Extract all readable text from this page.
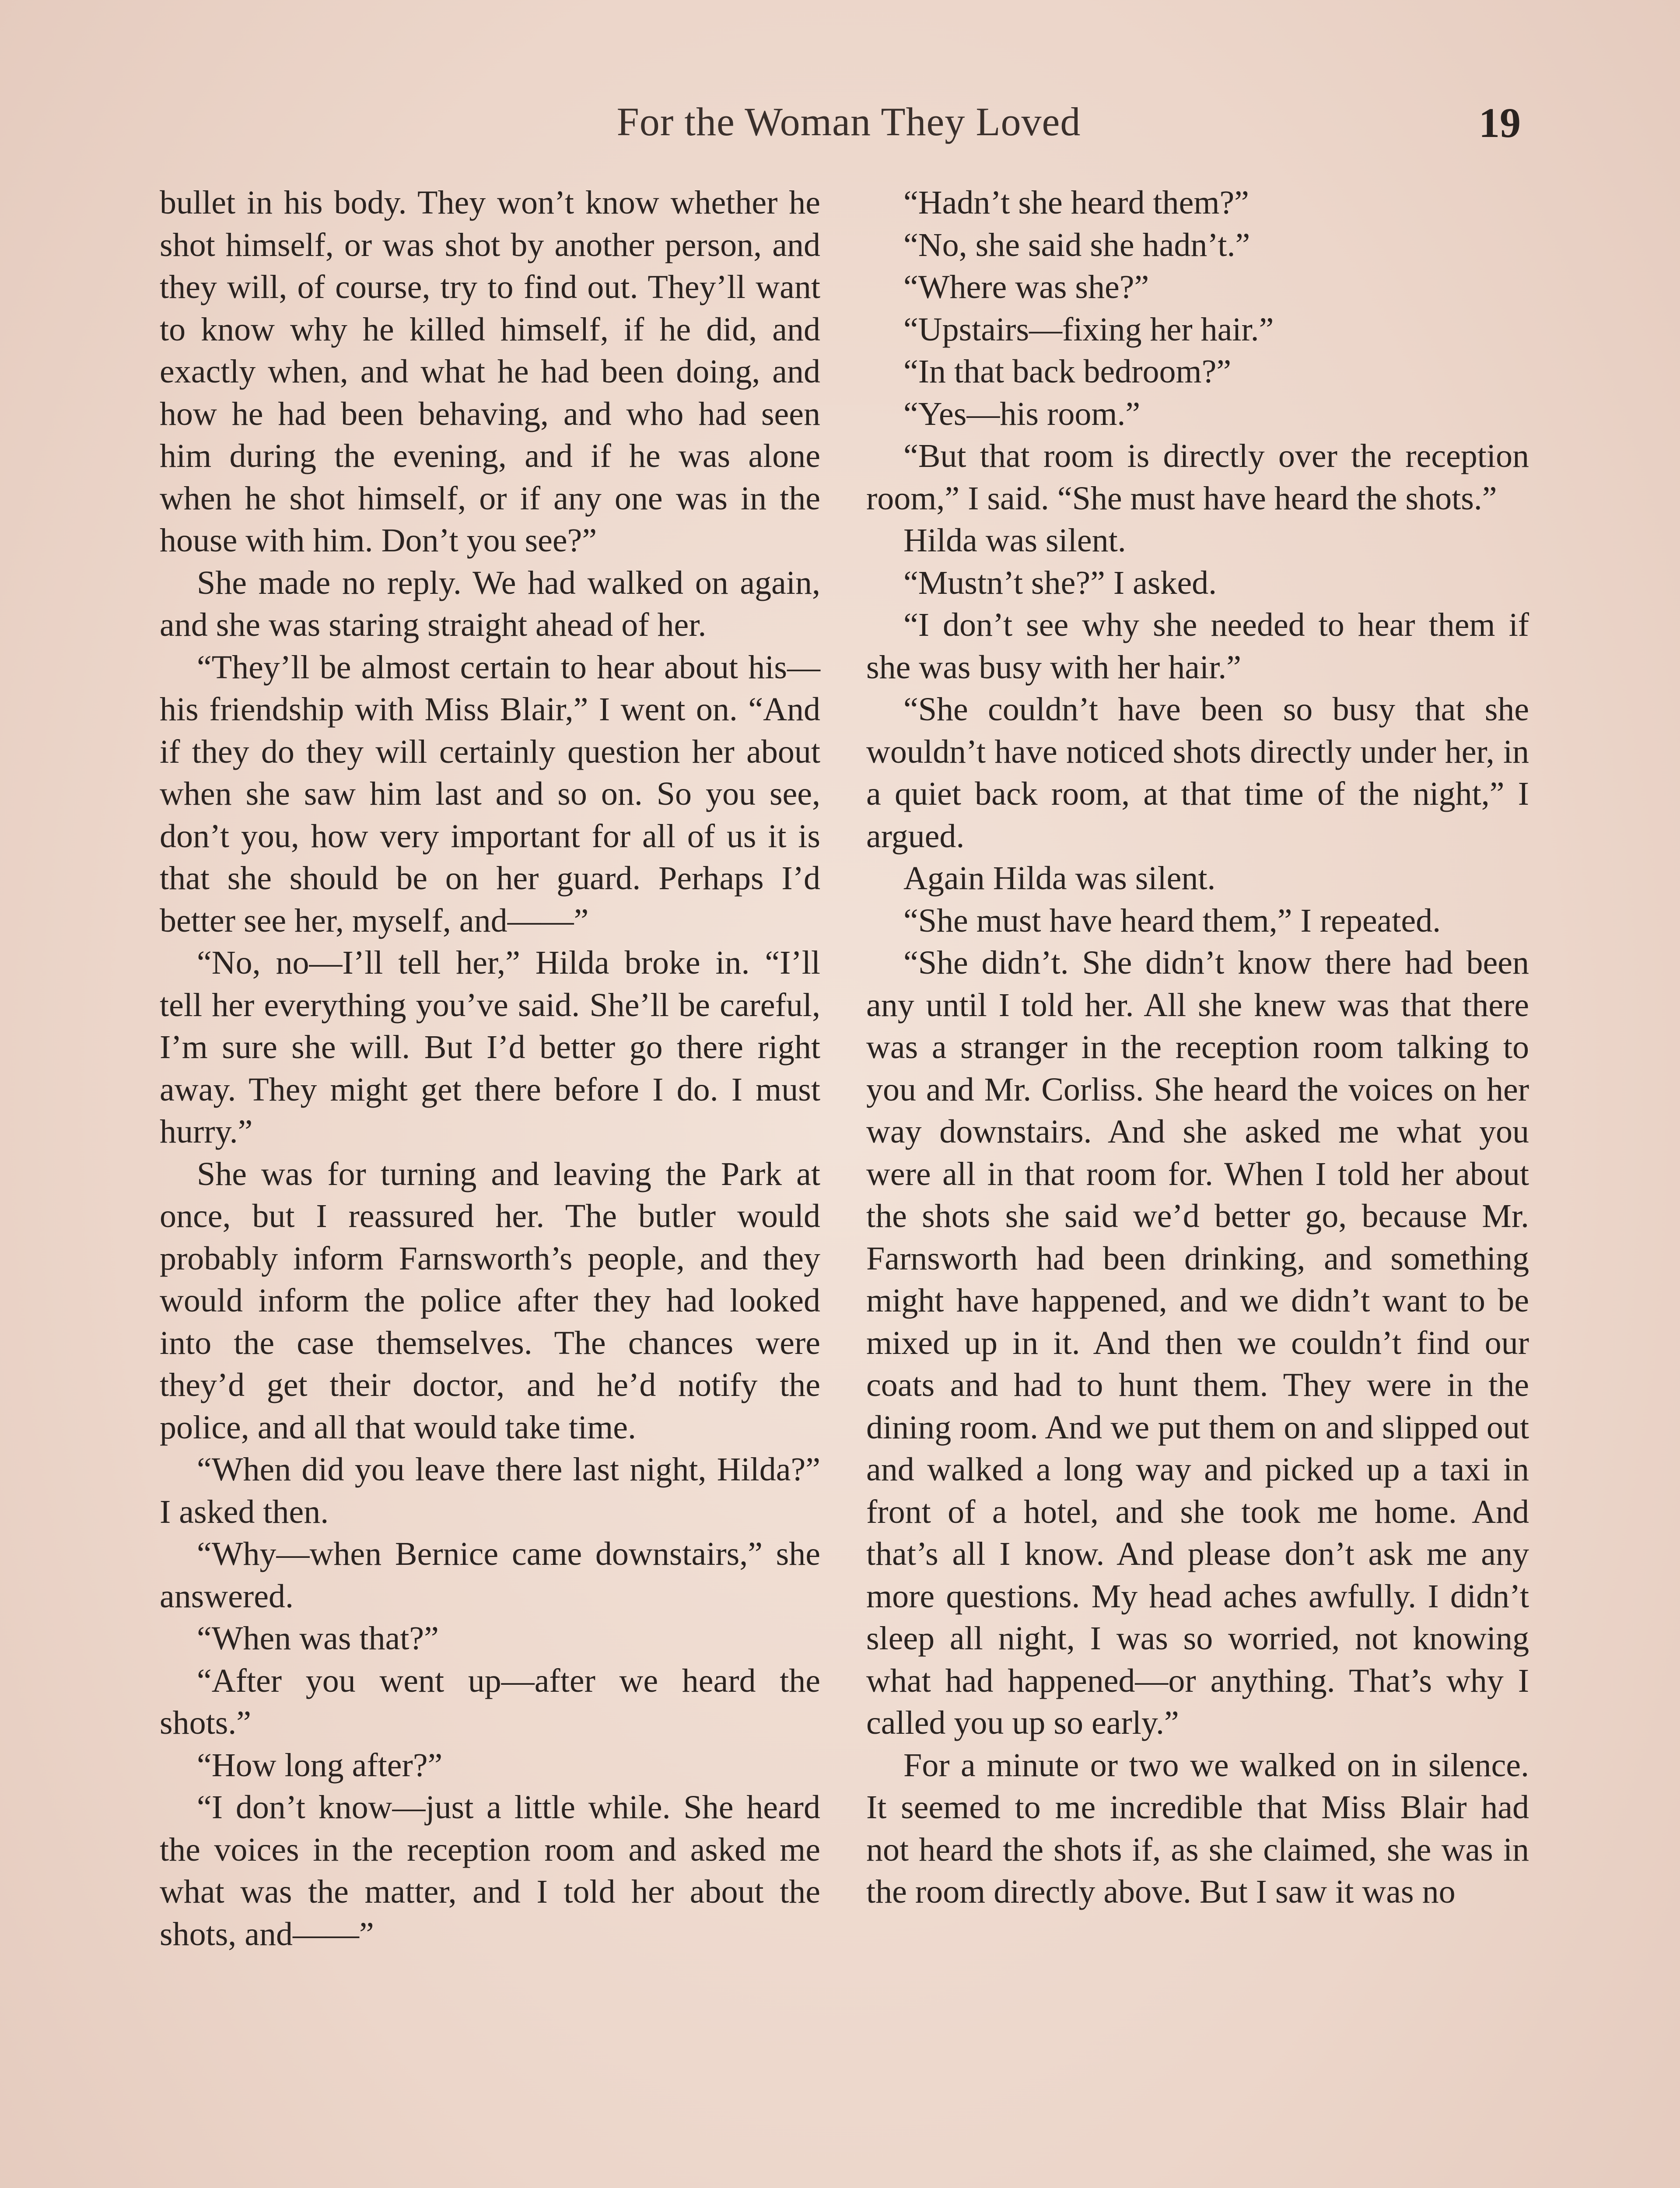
For the Woman They Loved	19

bullet in his body. They won’t know whether he shot himself, or was shot by another person, and they will, of course, try to find out. They’ll want to know why he killed himself, if he did, and exactly when, and what he had been doing, and how he had been behaving, and who had seen him during the evening, and if he was alone when he shot himself, or if any one was in the house with him. Don’t you see?”

She made no reply. We had walked on again, and she was staring straight ahead of her.

“They’ll be almost certain to hear about his—his friendship with Miss Blair,” I went on. “And if they do they will certainly question her about when she saw him last and so on. So you see, don’t you, how very important for all of us it is that she should be on her guard. Perhaps I’d better see her, myself, and——”

“No, no—I’ll tell her,” Hilda broke in. “I’ll tell her everything you’ve said. She’ll be careful, I’m sure she will. But I’d better go there right away. They might get there before I do. I must hurry.”

She was for turning and leaving the Park at once, but I reassured her. The butler would probably inform Farnsworth’s people, and they would inform the police after they had looked into the case themselves. The chances were they’d get their doctor, and he’d notify the police, and all that would take time.

“When did you leave there last night, Hilda?” I asked then.

“Why—when Bernice came downstairs,” she answered.

“When was that?”

“After you went up—after we heard the shots.”

“How long after?”

“I don’t know—just a little while. She heard the voices in the reception room and asked me what was the matter, and I told her about the shots, and——”

“Hadn’t she heard them?”

“No, she said she hadn’t.”

“Where was she?”

“Upstairs—fixing her hair.”

“In that back bedroom?”

“Yes—his room.”

“But that room is directly over the reception room,” I said. “She must have heard the shots.”

Hilda was silent.

“Mustn’t she?” I asked.

“I don’t see why she needed to hear them if she was busy with her hair.”

“She couldn’t have been so busy that she wouldn’t have noticed shots directly under her, in a quiet back room, at that time of the night,” I argued.

Again Hilda was silent.

“She must have heard them,” I repeated.

“She didn’t. She didn’t know there had been any until I told her. All she knew was that there was a stranger in the reception room talking to you and Mr. Corliss. She heard the voices on her way downstairs. And she asked me what you were all in that room for. When I told her about the shots she said we’d better go, because Mr. Farnsworth had been drinking, and something might have happened, and we didn’t want to be mixed up in it. And then we couldn’t find our coats and had to hunt them. They were in the dining room. And we put them on and slipped out and walked a long way and picked up a taxi in front of a hotel, and she took me home. And that’s all I know. And please don’t ask me any more questions. My head aches awfully. I didn’t sleep all night, I was so worried, not knowing what had happened—or anything. That’s why I called you up so early.”

For a minute or two we walked on in silence. It seemed to me incredible that Miss Blair had not heard the shots if, as she claimed, she was in the room directly above. But I saw it was no
